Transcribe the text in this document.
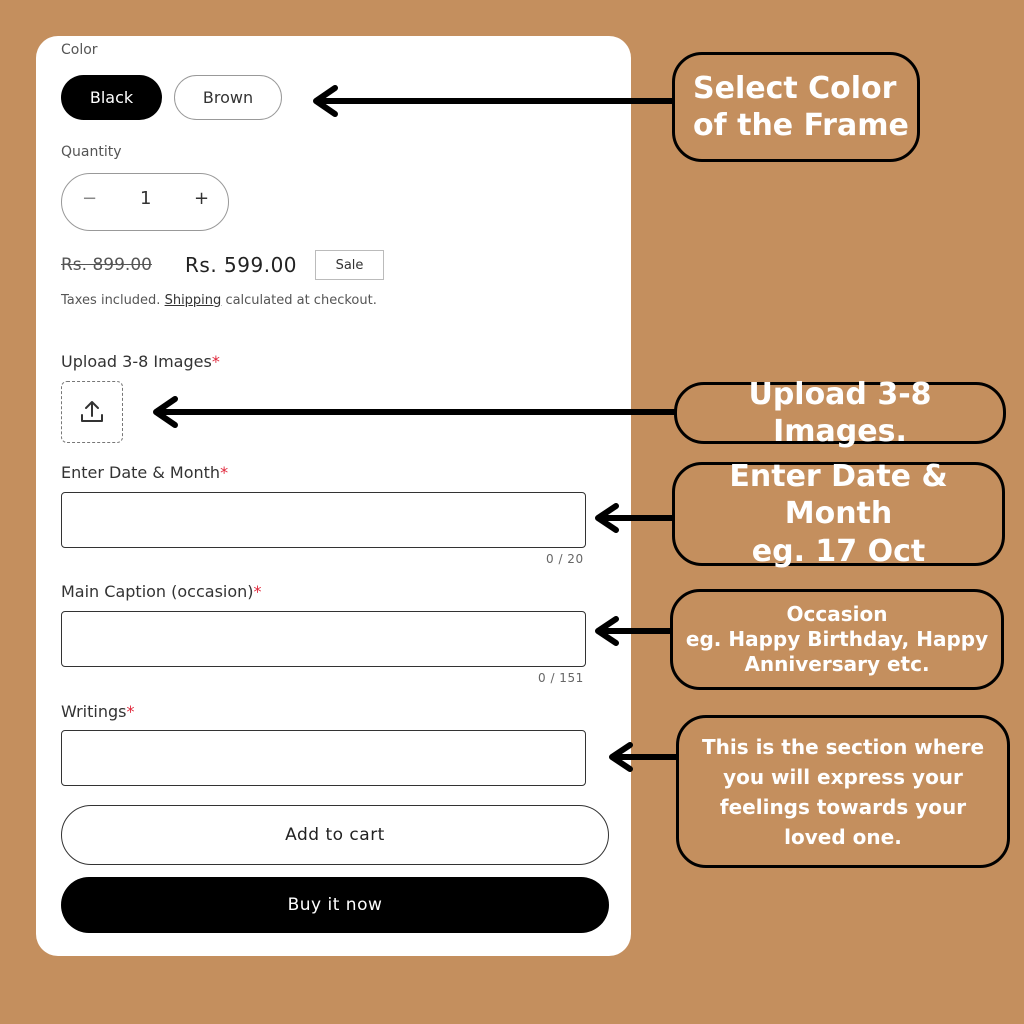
Color
Black	Brown
Quantity
− 1 +
Rs. 899.00 Rs. 599.00	Sale
Taxes included. Shipping calculated at checkout.
Upload 3-8 Images*
Enter Date & Month*
0 / 20
Main Caption (occasion)*
0 / 151
Writings*
Add to cart
Buy it now
Select Color
of the Frame
Upload 3-8 Images.
Enter Date & Month
eg. 17 Oct
Occasion
eg. Happy Birthday, Happy
Anniversary etc.
This is the section where
you will express your
feelings towards your
loved one.
